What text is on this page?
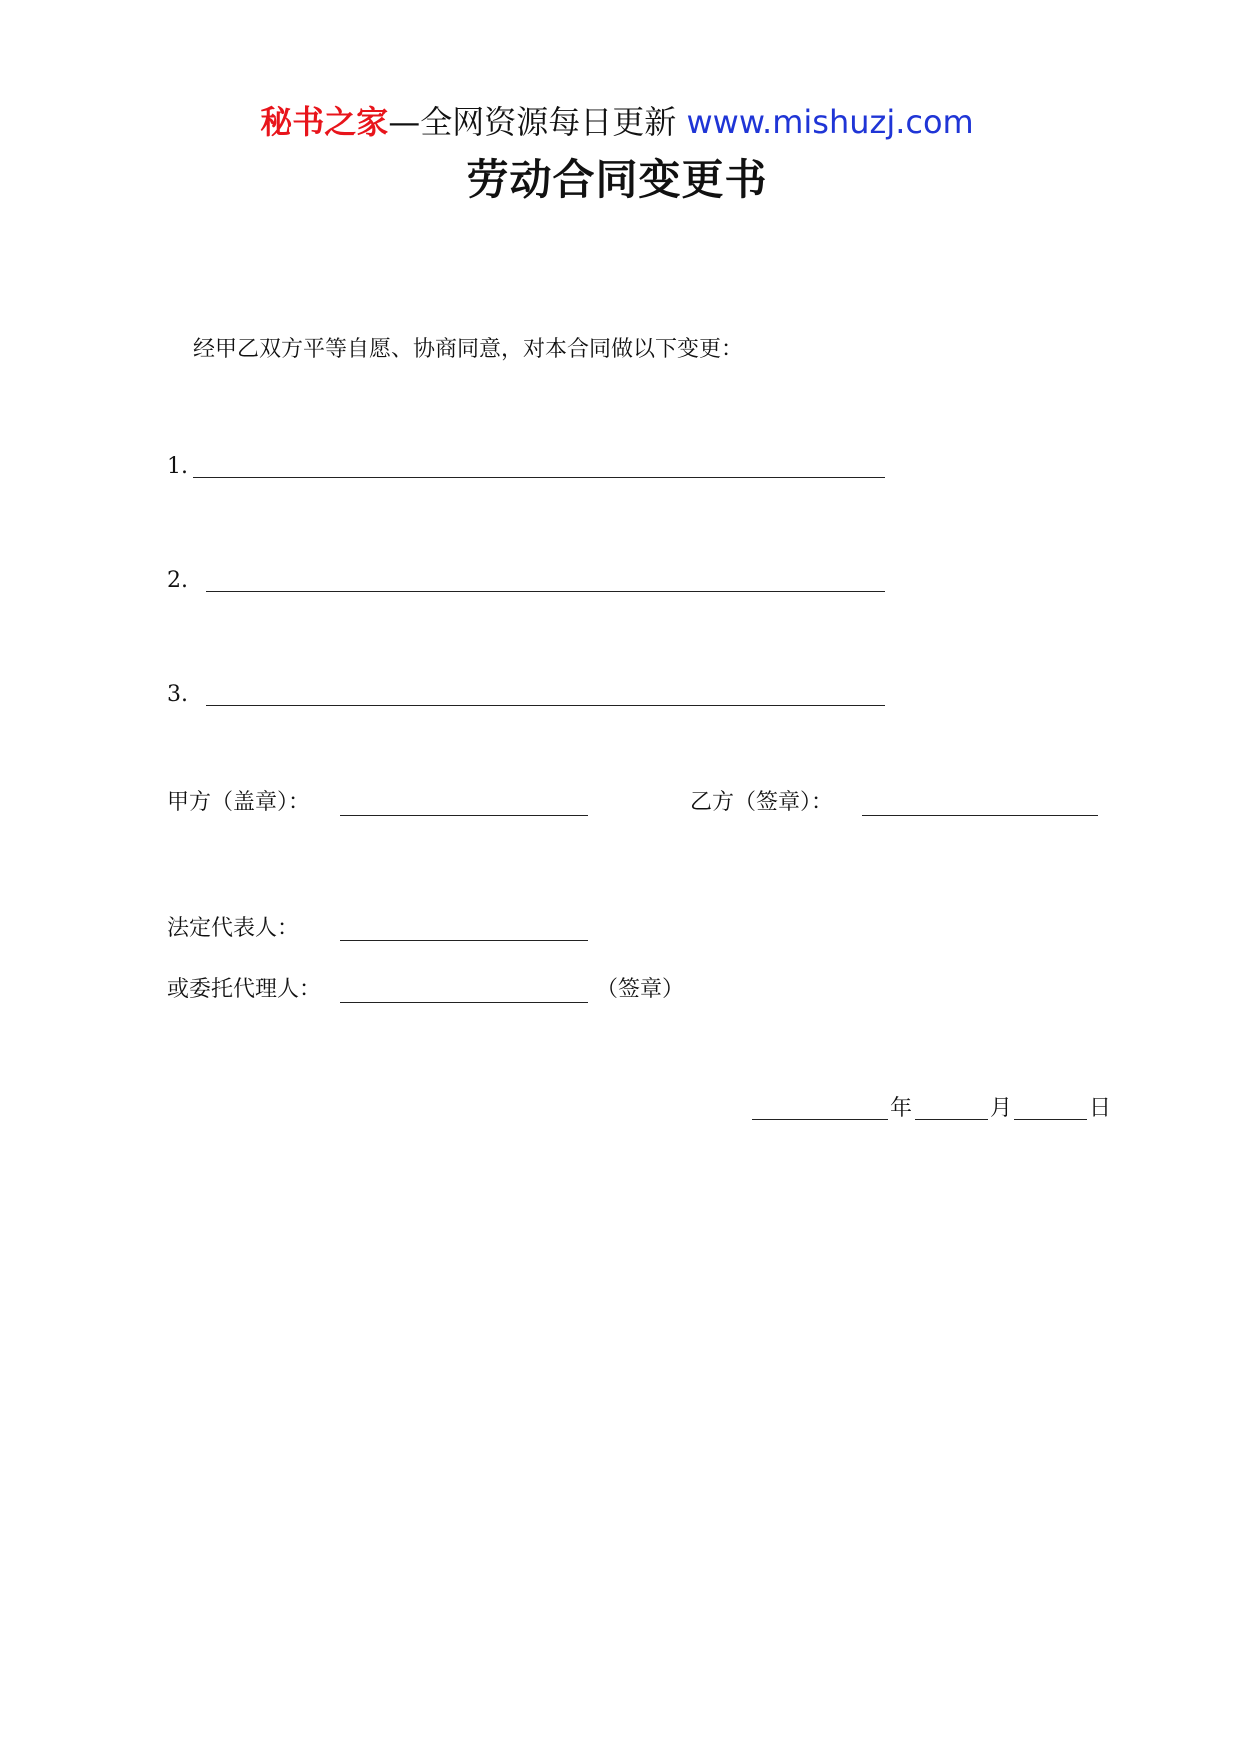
秘书之家—全网资源每日更新 www.mishuzj.com
劳动合同变更书
经甲乙双方平等自愿、协商同意，对本合同做以下变更：
1.
2.
3.
甲方（盖章）：	乙方（签章）：
法定代表人：
或委托代理人：	（签章）
年	月	日
